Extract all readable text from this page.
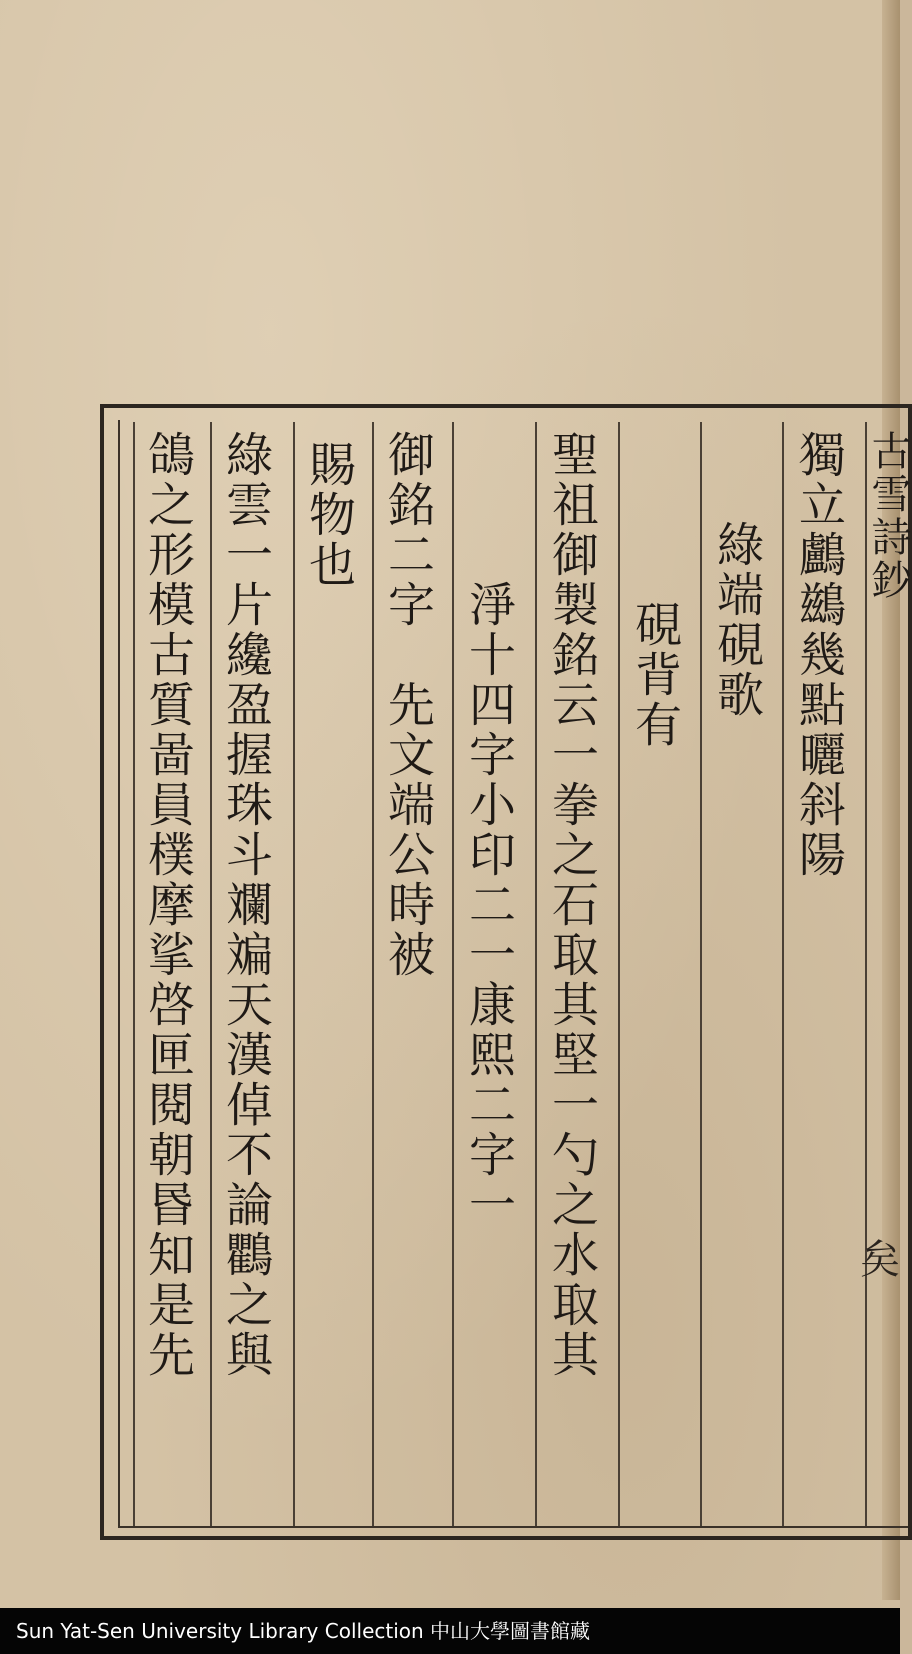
古雪詩鈔
獨立鸕鷀幾點曬斜陽
綠端硯歌
硯背有
聖祖御製銘云一拳之石取其堅一勺之水取其
淨十四字小印二一康熙二字一
御銘二字　先文端公時被
賜物也
綠雲一片纔盈握珠斗斕斒天漢倬不論鸜之與
鴿之形模古質啚員樸摩挲啓匣閱朝昬知是先	矣
Sun Yat-Sen University Library Collection 中山大學圖書館藏
